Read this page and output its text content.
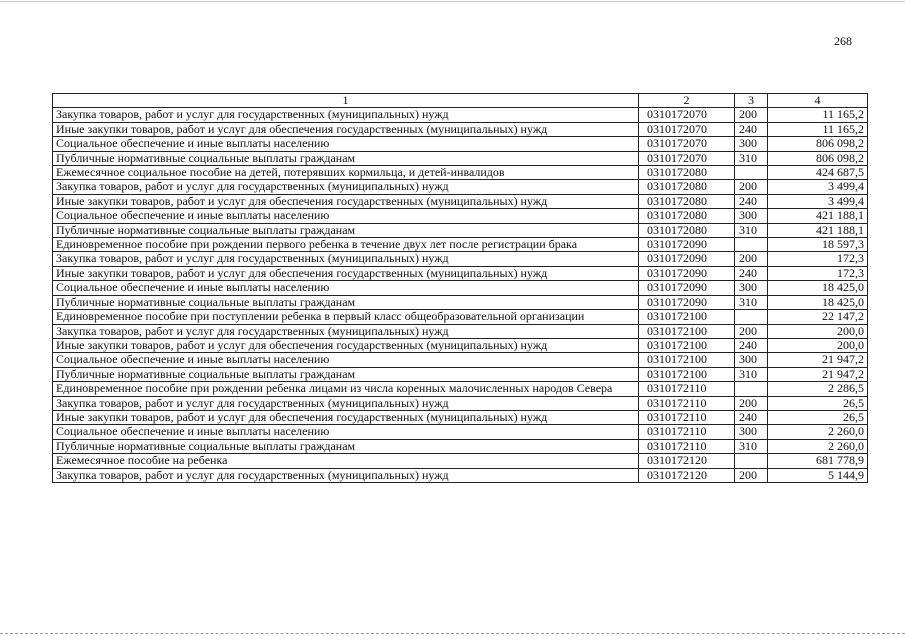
268
1	2	3	4
Закупка товаров, работ и услуг для государственных (муниципальных) нужд	0310172070	200	11 165,2
Иные закупки товаров, работ и услуг для обеспечения государственных (муниципальных) нужд	0310172070	240	11 165,2
Социальное обеспечение и иные выплаты населению	0310172070	300	806 098,2
Публичные нормативные социальные выплаты гражданам	0310172070	310	806 098,2
Ежемесячное социальное пособие на детей, потерявших кормильца, и детей-инвалидов	0310172080		424 687,5
Закупка товаров, работ и услуг для государственных (муниципальных) нужд	0310172080	200	3 499,4
Иные закупки товаров, работ и услуг для обеспечения государственных (муниципальных) нужд	0310172080	240	3 499,4
Социальное обеспечение и иные выплаты населению	0310172080	300	421 188,1
Публичные нормативные социальные выплаты гражданам	0310172080	310	421 188,1
Единовременное пособие при рождении первого ребенка в течение двух лет после регистрации брака	0310172090		18 597,3
Закупка товаров, работ и услуг для государственных (муниципальных) нужд	0310172090	200	172,3
Иные закупки товаров, работ и услуг для обеспечения государственных (муниципальных) нужд	0310172090	240	172,3
Социальное обеспечение и иные выплаты населению	0310172090	300	18 425,0
Публичные нормативные социальные выплаты гражданам	0310172090	310	18 425,0
Единовременное пособие при поступлении ребенка в первый класс общеобразовательной организации	0310172100		22 147,2
Закупка товаров, работ и услуг для государственных (муниципальных) нужд	0310172100	200	200,0
Иные закупки товаров, работ и услуг для обеспечения государственных (муниципальных) нужд	0310172100	240	200,0
Социальное обеспечение и иные выплаты населению	0310172100	300	21 947,2
Публичные нормативные социальные выплаты гражданам	0310172100	310	21 947,2
Единовременное пособие при рождении ребенка лицами из числа коренных малочисленных народов Севера	0310172110		2 286,5
Закупка товаров, работ и услуг для государственных (муниципальных) нужд	0310172110	200	26,5
Иные закупки товаров, работ и услуг для обеспечения государственных (муниципальных) нужд	0310172110	240	26,5
Социальное обеспечение и иные выплаты населению	0310172110	300	2 260,0
Публичные нормативные социальные выплаты гражданам	0310172110	310	2 260,0
Ежемесячное пособие на ребенка	0310172120		681 778,9
Закупка товаров, работ и услуг для государственных (муниципальных) нужд	0310172120	200	5 144,9
